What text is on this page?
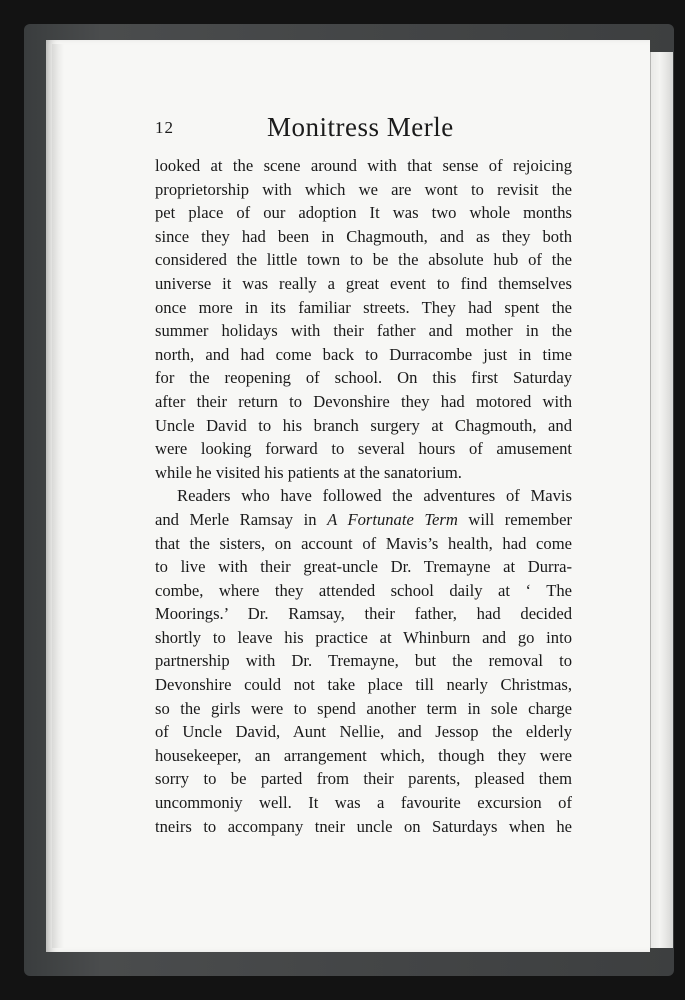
12	Monitress Merle
looked at the scene around with that sense of rejoicing
proprietorship with which we are wont to revisit the
pet place of our adoption It was two whole months
since they had been in Chagmouth, and as they both
considered the little town to be the absolute hub of the
universe it was really a great event to find themselves
once more in its familiar streets. They had spent the
summer holidays with their father and mother in the
north, and had come back to Durracombe just in time
for the reopening of school. On this first Saturday
after their return to Devonshire they had motored with
Uncle David to his branch surgery at Chagmouth, and
were looking forward to several hours of amusement
while he visited his patients at the sanatorium.
Readers who have followed the adventures of Mavis
and Merle Ramsay in A Fortunate Term will remember
that the sisters, on account of Mavis’s health, had come
to live with their great-uncle Dr. Tremayne at Durra-
combe, where they attended school daily at ‘ The
Moorings.’ Dr. Ramsay, their father, had decided
shortly to leave his practice at Whinburn and go into
partnership with Dr. Tremayne, but the removal to
Devonshire could not take place till nearly Christmas,
so the girls were to spend another term in sole charge
of Uncle David, Aunt Nellie, and Jessop the elderly
housekeeper, an arrangement which, though they were
sorry to be parted from their parents, pleased them
uncommoniy well. It was a favourite excursion of
tneirs to accompany tneir uncle on Saturdays when he
